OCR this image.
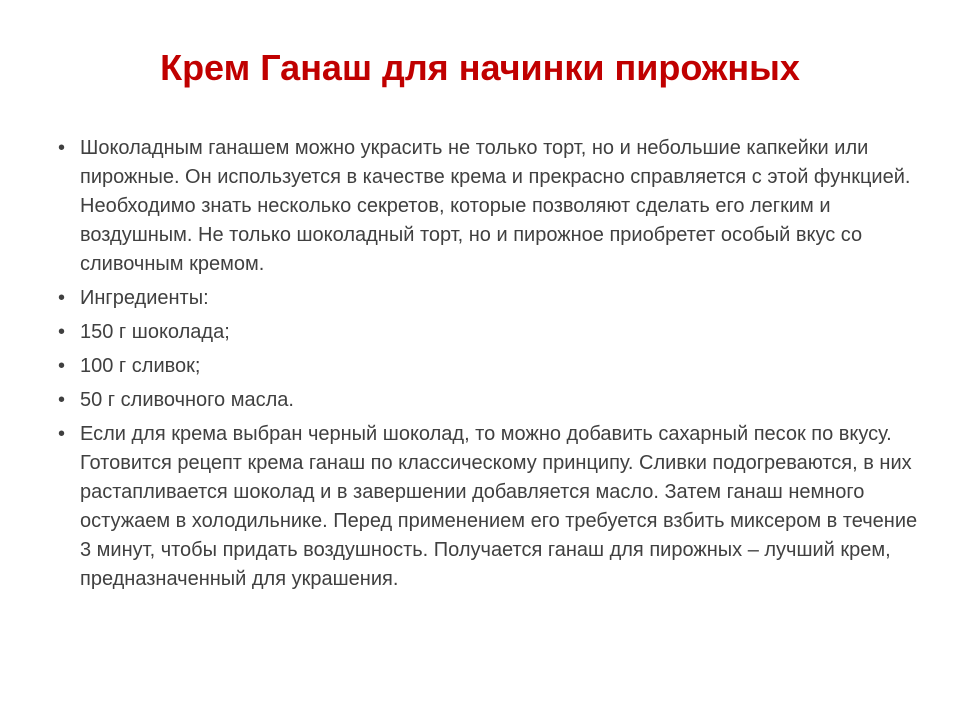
Крем Ганаш для начинки пирожных
• Шоколадным ганашем можно украсить не только торт, но и небольшие капкейки или пирожные. Он используется в качестве крема и прекрасно справляется с этой функцией. Необходимо знать несколько секретов, которые позволяют сделать его легким и воздушным. Не только шоколадный торт, но и пирожное приобретет особый вкус со сливочным кремом.
• Ингредиенты:
• 150 г шоколада;
• 100 г сливок;
• 50 г сливочного масла.
• Если для крема выбран черный шоколад, то можно добавить сахарный песок по вкусу. Готовится рецепт крема ганаш по классическому принципу. Сливки подогреваются, в них растапливается шоколад и в завершении добавляется масло. Затем ганаш немного остужаем в холодильнике. Перед применением его требуется взбить миксером в течение 3 минут, чтобы придать воздушность. Получается ганаш для пирожных – лучший крем, предназначенный для украшения.
